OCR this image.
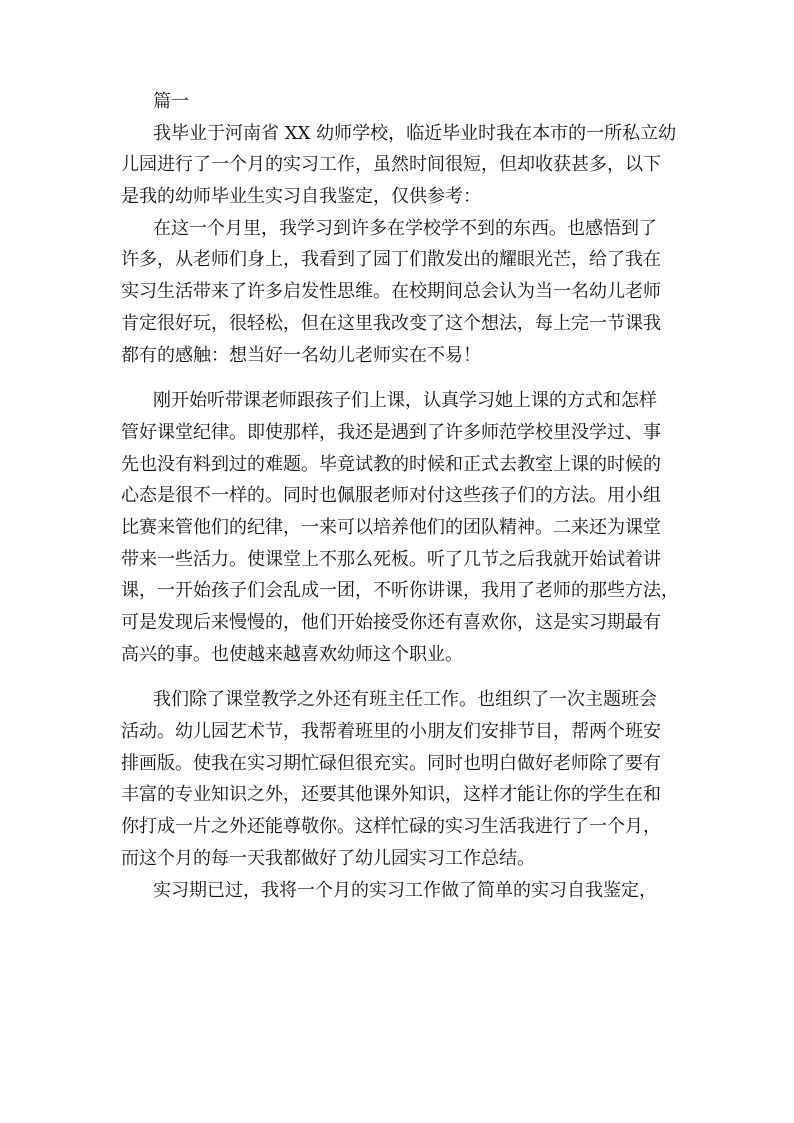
篇一
我毕业于河南省 XX 幼师学校，临近毕业时我在本市的一所私立幼
儿园进行了一个月的实习工作，虽然时间很短，但却收获甚多，以下
是我的幼师毕业生实习自我鉴定，仅供参考：
在这一个月里，我学习到许多在学校学不到的东西。也感悟到了
许多，从老师们身上，我看到了园丁们散发出的耀眼光芒，给了我在
实习生活带来了许多启发性思维。在校期间总会认为当一名幼儿老师
肯定很好玩，很轻松，但在这里我改变了这个想法，每上完一节课我
都有的感触：想当好一名幼儿老师实在不易！
刚开始听带课老师跟孩子们上课，认真学习她上课的方式和怎样
管好课堂纪律。即使那样，我还是遇到了许多师范学校里没学过、事
先也没有料到过的难题。毕竟试教的时候和正式去教室上课的时候的
心态是很不一样的。同时也佩服老师对付这些孩子们的方法。用小组
比赛来管他们的纪律，一来可以培养他们的团队精神。二来还为课堂
带来一些活力。使课堂上不那么死板。听了几节之后我就开始试着讲
课，一开始孩子们会乱成一团，不听你讲课，我用了老师的那些方法，
可是发现后来慢慢的，他们开始接受你还有喜欢你，这是实习期最有
高兴的事。也使越来越喜欢幼师这个职业。
我们除了课堂教学之外还有班主任工作。也组织了一次主题班会
活动。幼儿园艺术节，我帮着班里的小朋友们安排节目，帮两个班安
排画版。使我在实习期忙碌但很充实。同时也明白做好老师除了要有
丰富的专业知识之外，还要其他课外知识，这样才能让你的学生在和
你打成一片之外还能尊敬你。这样忙碌的实习生活我进行了一个月，
而这个月的每一天我都做好了幼儿园实习工作总结。
实习期已过，我将一个月的实习工作做了简单的实习自我鉴定，
